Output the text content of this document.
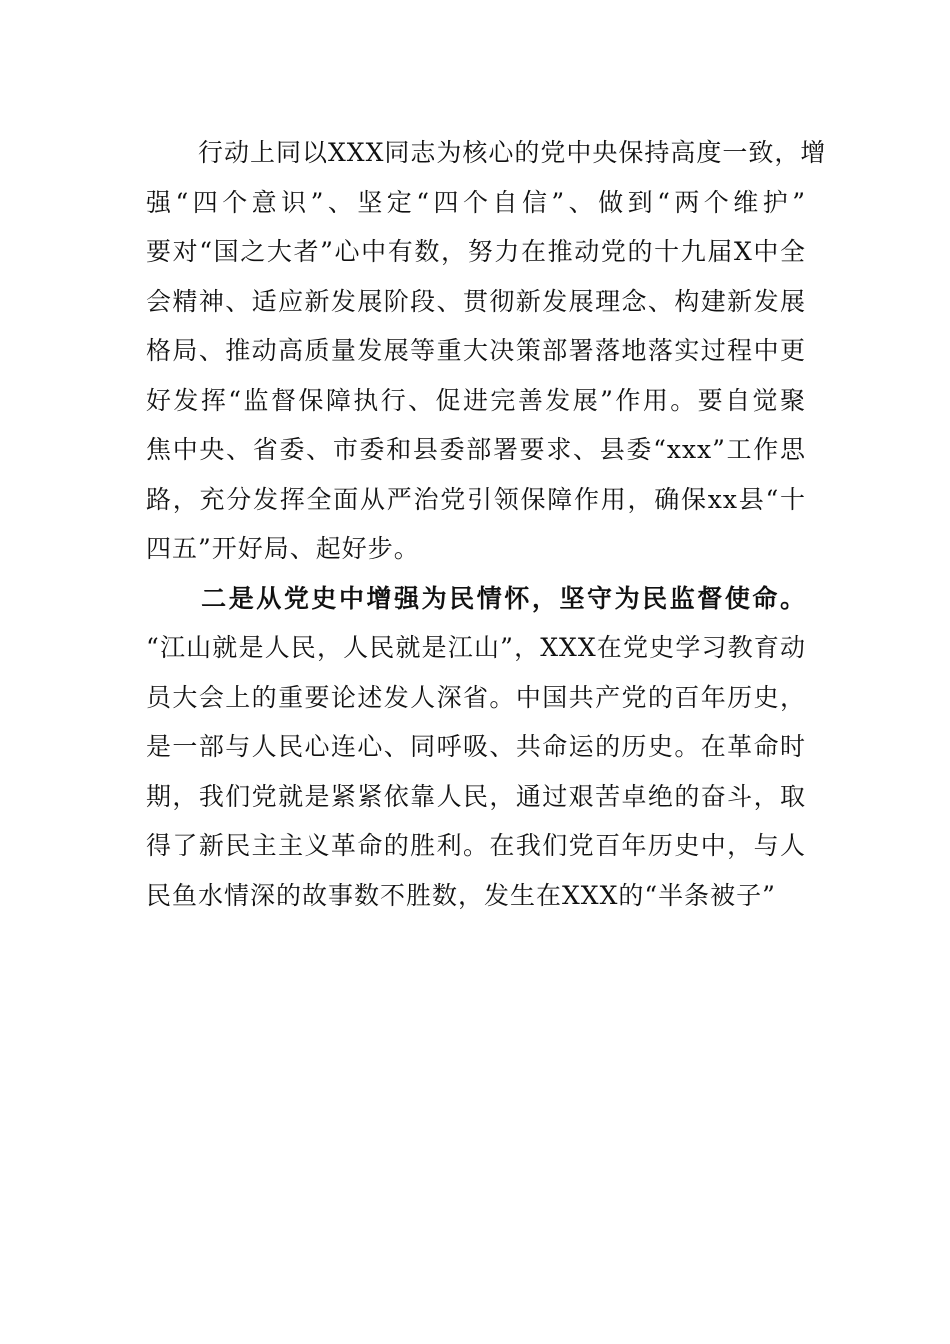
　　行动上同以XXX同志为核心的党中央保持高度一致，增
强“四个意识”、坚定“四个自信”、做到“两个维护”
要对“国之大者”心中有数，努力在推动党的十九届X中全
会精神、适应新发展阶段、贯彻新发展理念、构建新发展
格局、推动高质量发展等重大决策部署落地落实过程中更
好发挥“监督保障执行、促进完善发展”作用。要自觉聚
焦中央、省委、市委和县委部署要求、县委“xxx”工作思
路，充分发挥全面从严治党引领保障作用，确保xx县“十
四五”开好局、起好步。

　　二是从党史中增强为民情怀，坚守为民监督使命。
“江山就是人民，人民就是江山”，XXX在党史学习教育动
员大会上的重要论述发人深省。中国共产党的百年历史，
是一部与人民心连心、同呼吸、共命运的历史。在革命时
期，我们党就是紧紧依靠人民，通过艰苦卓绝的奋斗，取
得了新民主主义革命的胜利。在我们党百年历史中，与人
民鱼水情深的故事数不胜数，发生在XXX的“半条被子”
